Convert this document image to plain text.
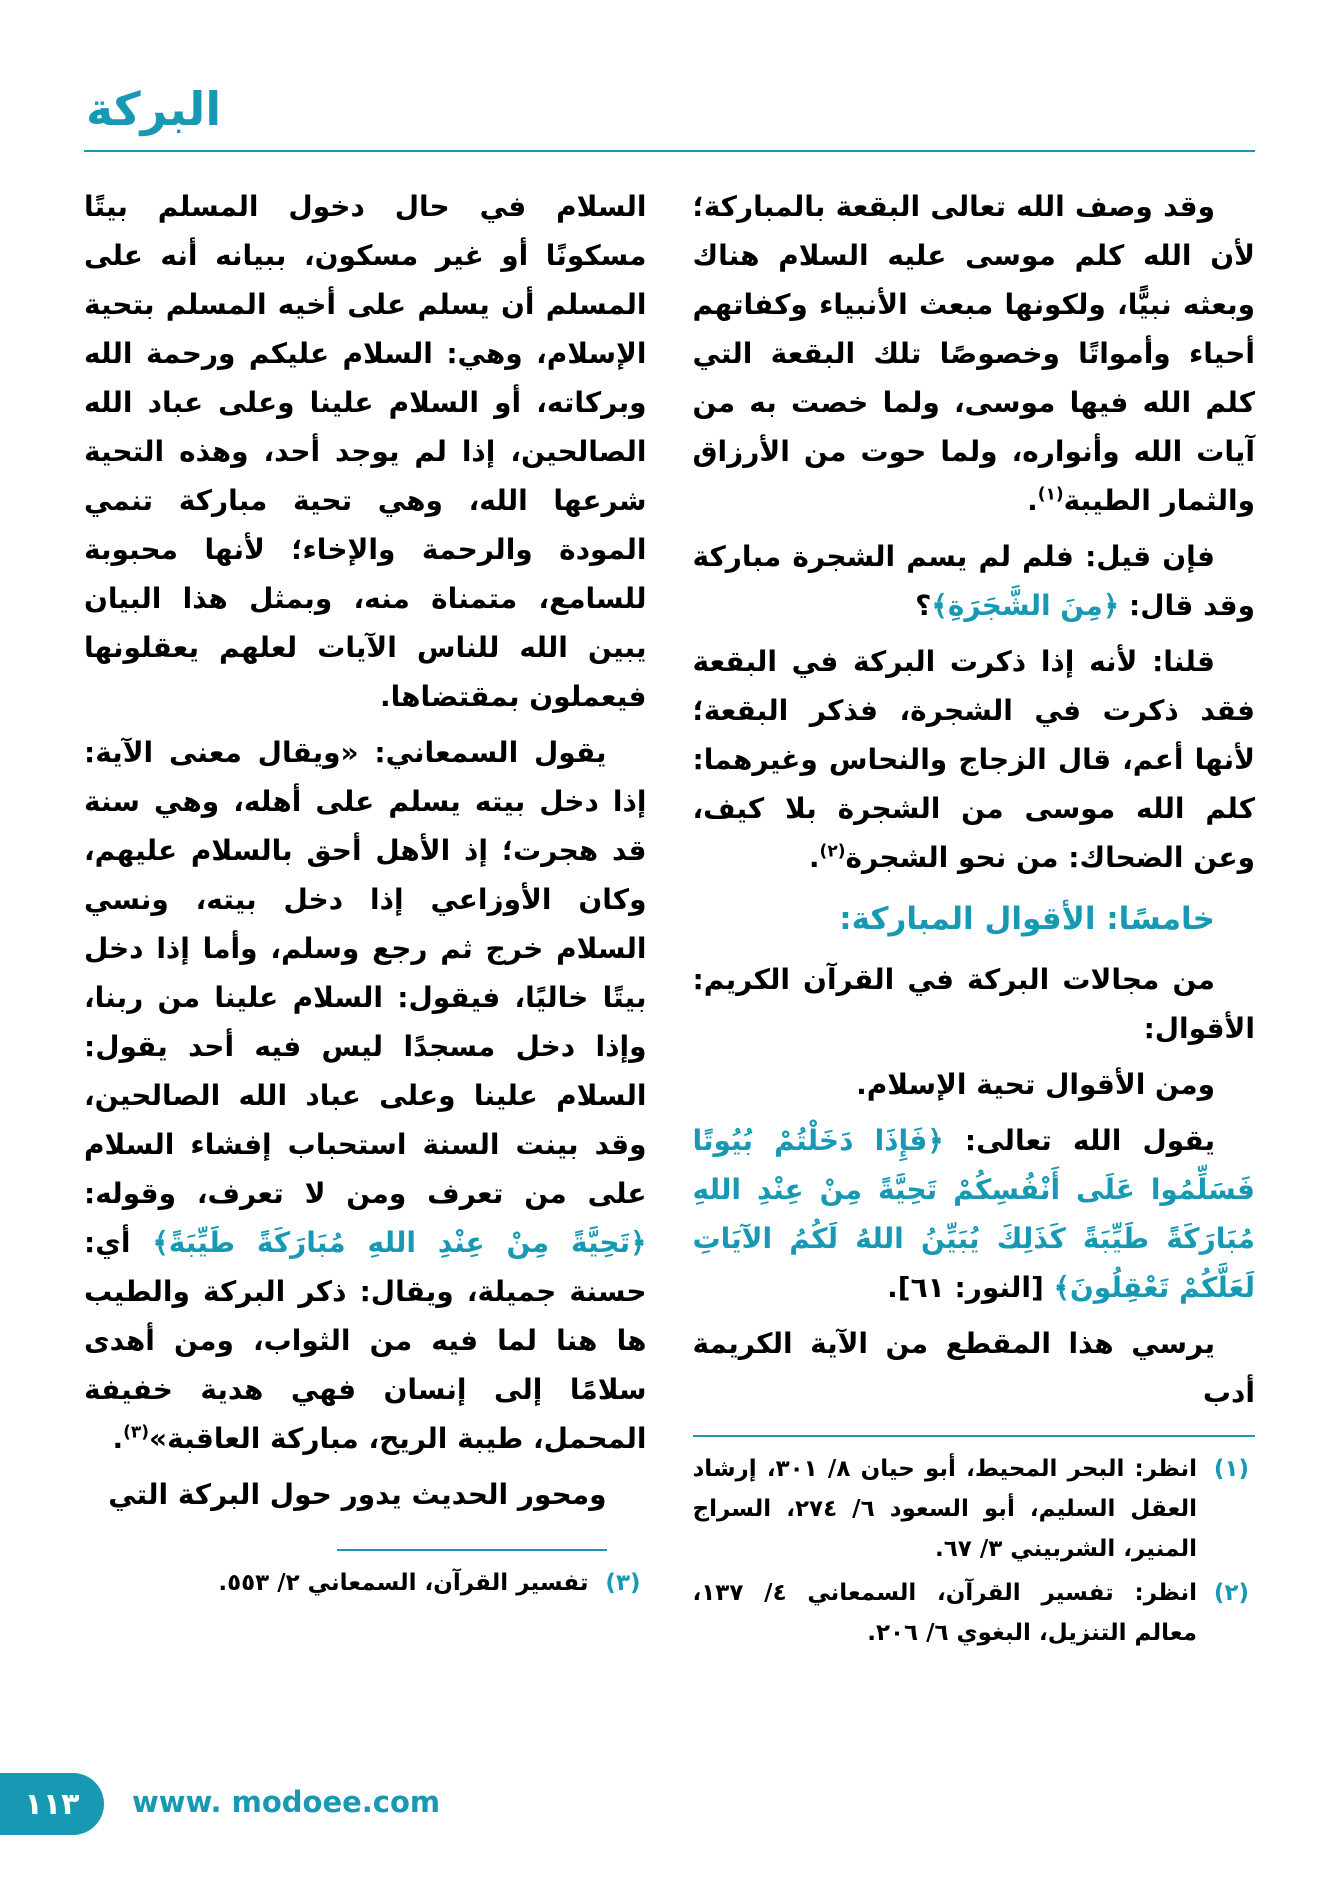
البركة

وقد وصف الله تعالى البقعة بالمباركة؛ لأن الله كلم موسى عليه السلام هناك وبعثه نبيًّا، ولكونها مبعث الأنبياء وكفاتهم أحياء وأمواتًا وخصوصًا تلك البقعة التي كلم الله فيها موسى، ولما خصت به من آيات الله وأنواره، ولما حوت من الأرزاق والثمار الطيبة$^{(١)}$.

فإن قيل: فلم لم يسم الشجرة مباركة وقد قال: ﴿مِنَ الشَّجَرَةِ﴾؟

قلنا: لأنه إذا ذكرت البركة في البقعة فقد ذكرت في الشجرة، فذكر البقعة؛ لأنها أعم، قال الزجاج والنحاس وغيرهما: كلم الله موسى من الشجرة بلا كيف، وعن الضحاك: من نحو الشجرة$^{(٢)}$.

خامسًا: الأقوال المباركة:

من مجالات البركة في القرآن الكريم: الأقوال:

ومن الأقوال تحية الإسلام.

يقول الله تعالى: ﴿فَإِذَا دَخَلْتُمْ بُيُوتًا فَسَلِّمُوا عَلَى أَنْفُسِكُمْ تَحِيَّةً مِنْ عِنْدِ اللهِ مُبَارَكَةً طَيِّبَةً كَذَلِكَ يُبَيِّنُ اللهُ لَكُمُ الآيَاتِ لَعَلَّكُمْ تَعْقِلُونَ﴾ [النور: ٦١].

يرسي هذا المقطع من الآية الكريمة أدب

(١)
انظر: البحر المحيط، أبو حيان ٨/ ٣٠١، إرشاد العقل السليم، أبو السعود ٦/ ٢٧٤، السراج المنير، الشربيني ٣/ ٦٧.
(٢)
انظر: تفسير القرآن، السمعاني ٤/ ١٣٧، معالم التنزيل، البغوي ٦/ ٢٠٦.

السلام في حال دخول المسلم بيتًا مسكونًا أو غير مسكون، ببيانه أنه على المسلم أن يسلم على أخيه المسلم بتحية الإسلام، وهي: السلام عليكم ورحمة الله وبركاته، أو السلام علينا وعلى عباد الله الصالحين، إذا لم يوجد أحد، وهذه التحية شرعها الله، وهي تحية مباركة تنمي المودة والرحمة والإخاء؛ لأنها محبوبة للسامع، متمناة منه، وبمثل هذا البيان يبين الله للناس الآيات لعلهم يعقلونها فيعملون بمقتضاها.

يقول السمعاني: «ويقال معنى الآية: إذا دخل بيته يسلم على أهله، وهي سنة قد هجرت؛ إذ الأهل أحق بالسلام عليهم، وكان الأوزاعي إذا دخل بيته، ونسي السلام خرج ثم رجع وسلم، وأما إذا دخل بيتًا خاليًا، فيقول: السلام علينا من ربنا، وإذا دخل مسجدًا ليس فيه أحد يقول: السلام علينا وعلى عباد الله الصالحين، وقد بينت السنة استحباب إفشاء السلام على من تعرف ومن لا تعرف، وقوله: ﴿تَحِيَّةً مِنْ عِنْدِ اللهِ مُبَارَكَةً طَيِّبَةً﴾ أي: حسنة جميلة، ويقال: ذكر البركة والطيب ها هنا لما فيه من الثواب، ومن أهدى سلامًا إلى إنسان فهي هدية خفيفة المحمل، طيبة الريح، مباركة العاقبة»$^{(٣)}$.

ومحور الحديث يدور حول البركة التي

(٣)
تفسير القرآن، السمعاني ٢/ ٥٥٣.
١١٣ www. modoee.com
